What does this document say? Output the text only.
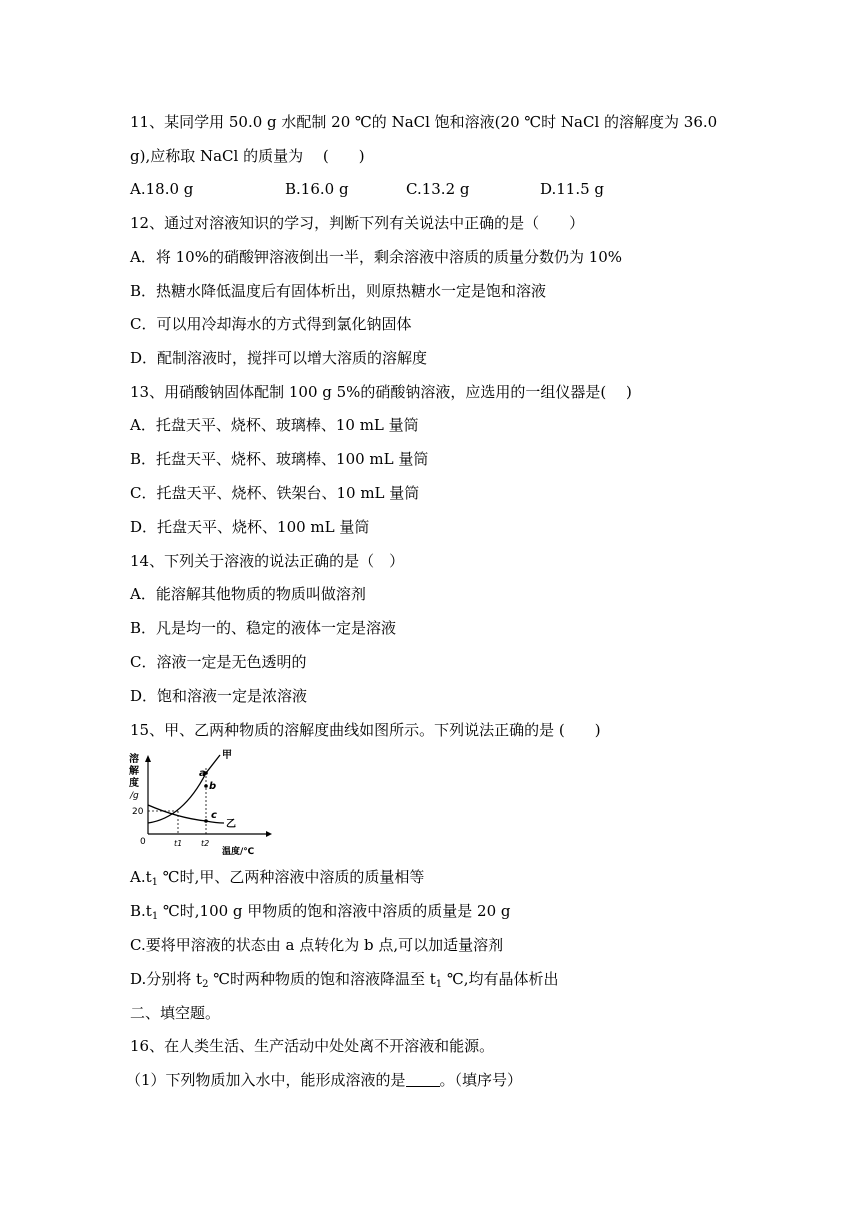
11、某同学用 50.0 g 水配制 20 ℃的 NaCl 饱和溶液(20 ℃时 NaCl 的溶解度为 36.0
g),应称取 NaCl 的质量为　 (　　)
A.18.0 g	B.16.0 g	C.13.2 g	D.11.5 g
12、通过对溶液知识的学习，判断下列有关说法中正确的是（　　）
A．将 10%的硝酸钾溶液倒出一半，剩余溶液中溶质的质量分数仍为 10%
B．热糖水降低温度后有固体析出，则原热糖水一定是饱和溶液
C．可以用冷却海水的方式得到氯化钠固体
D．配制溶液时，搅拌可以增大溶质的溶解度
13、用硝酸钠固体配制 100 g 5%的硝酸钠溶液，应选用的一组仪器是(　 )
A．托盘天平、烧杯、玻璃棒、10 mL 量筒
B．托盘天平、烧杯、玻璃棒、100 mL 量筒
C．托盘天平、烧杯、铁架台、10 mL 量筒
D．托盘天平、烧杯、100 mL 量筒
14、下列关于溶液的说法正确的是（　）
A．能溶解其他物质的物质叫做溶剂
B．凡是均一的、稳定的液体一定是溶液
C．溶液一定是无色透明的
D．饱和溶液一定是浓溶液
15、甲、乙两种物质的溶解度曲线如图所示。下列说法正确的是 (　　)
溶
解
度
/g
20
0	t1 t2
温度/℃
甲
乙
a
b
c
$A.t_1$ ℃时,甲、乙两种溶液中溶质的质量相等
$B.t_1$ ℃时,100 g 甲物质的饱和溶液中溶质的质量是 20 g
C.要将甲溶液的状态由 a 点转化为 b 点,可以加适量溶剂
D.分别将 $t_2$ ℃时两种物质的饱和溶液降温至 $t_1$ ℃,均有晶体析出
二、填空题。
16、在人类生活、生产活动中处处离不开溶液和能源。
（1）下列物质加入水中，能形成溶液的是 。（填序号）
